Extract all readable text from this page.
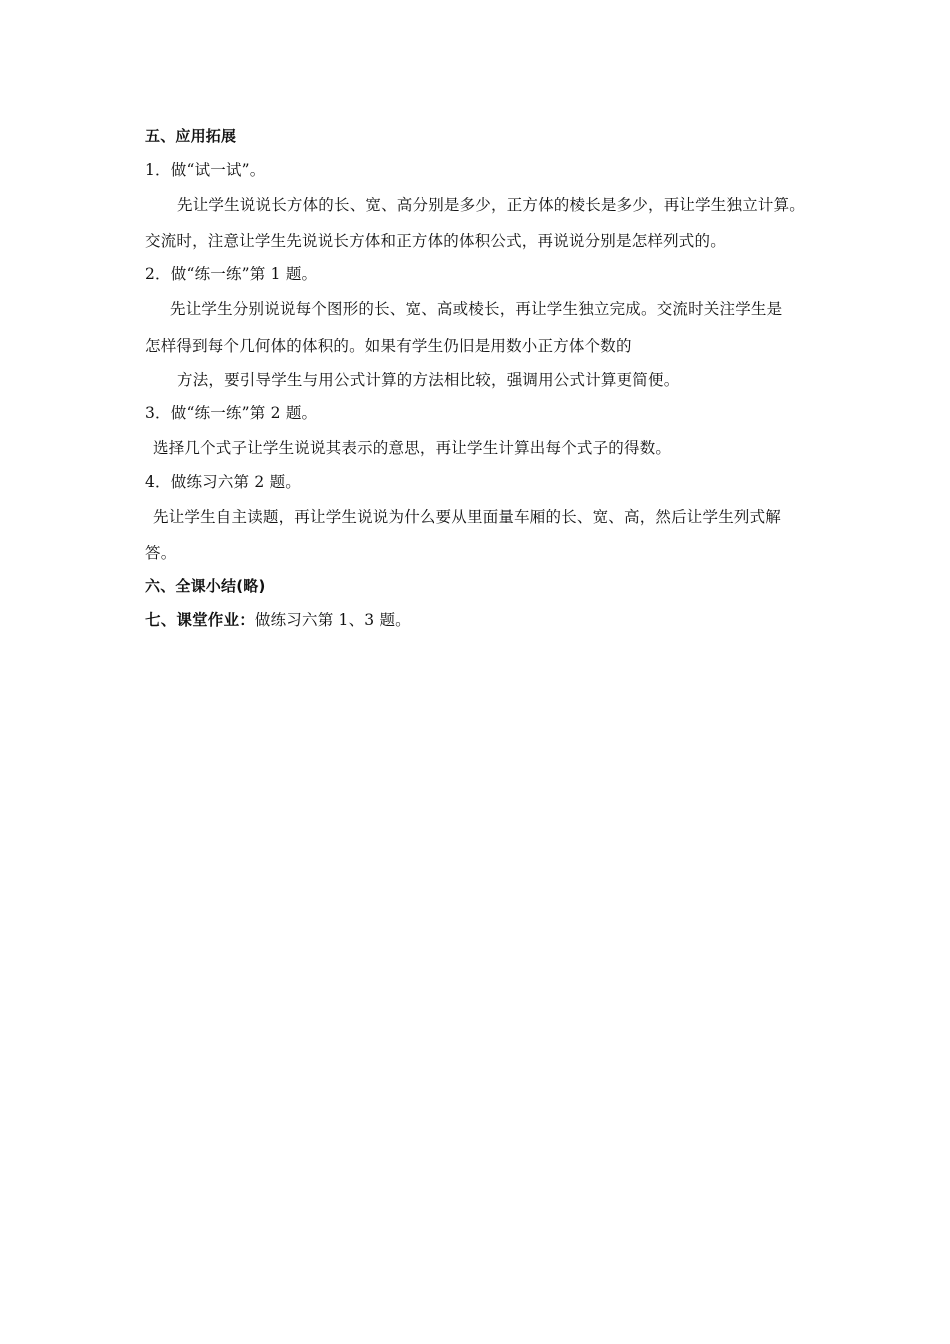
五、应用拓展
1．做“试一试”。
先让学生说说长方体的长、宽、高分别是多少，正方体的棱长是多少，再让学生独立计算。
交流时，注意让学生先说说长方体和正方体的体积公式，再说说分别是怎样列式的。
2．做“练一练”第 1 题。
先让学生分别说说每个图形的长、宽、高或棱长，再让学生独立完成。交流时关注学生是
怎样得到每个几何体的体积的。如果有学生仍旧是用数小正方体个数的
方法，要引导学生与用公式计算的方法相比较，强调用公式计算更简便。
3．做“练一练”第 2 题。
选择几个式子让学生说说其表示的意思，再让学生计算出每个式子的得数。
4．做练习六第 2 题。
先让学生自主读题，再让学生说说为什么要从里面量车厢的长、宽、高，然后让学生列式解
答。
六、全课小结(略)
七、课堂作业：做练习六第 1、3 题。
